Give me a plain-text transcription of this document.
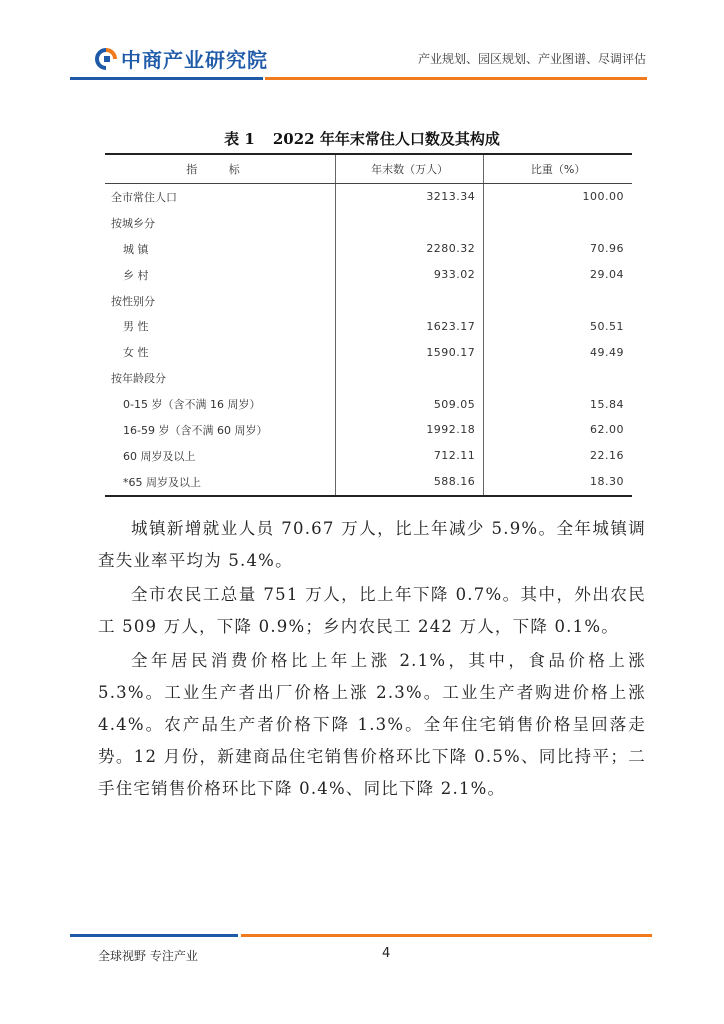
中商产业研究院	产业规划、园区规划、产业图谱、尽调评估
表 1 2022 年年末常住人口数及其构成
指 标	年末数（万人）	比重（%）
全市常住人口	3213.34	100.00
按城乡分		
城 镇	2280.32	70.96
乡 村	933.02	29.04
按性别分		
男 性	1623.17	50.51
女 性	1590.17	49.49
按年龄段分		
0-15 岁（含不满 16 周岁）	509.05	15.84
16-59 岁（含不满 60 周岁）	1992.18	62.00
60 周岁及以上	712.11	22.16
*65 周岁及以上	588.16	18.30

城镇新增就业人员 70.67 万人，比上年减少 5.9%。全年城镇调查失业率平均为 5.4%。

全市农民工总量 751 万人，比上年下降 0.7%。其中，外出农民工 509 万人，下降 0.9%；乡内农民工 242 万人，下降 0.1%。

全年居民消费价格比上年上涨 2.1%，其中，食品价格上涨 5.3%。工业生产者出厂价格上涨 2.3%。工业生产者购进价格上涨 4.4%。农产品生产者价格下降 1.3%。全年住宅销售价格呈回落走势。12 月份，新建商品住宅销售价格环比下降 0.5%、同比持平；二手住宅销售价格环比下降 0.4%、同比下降 2.1%。

全球视野 专注产业	4
